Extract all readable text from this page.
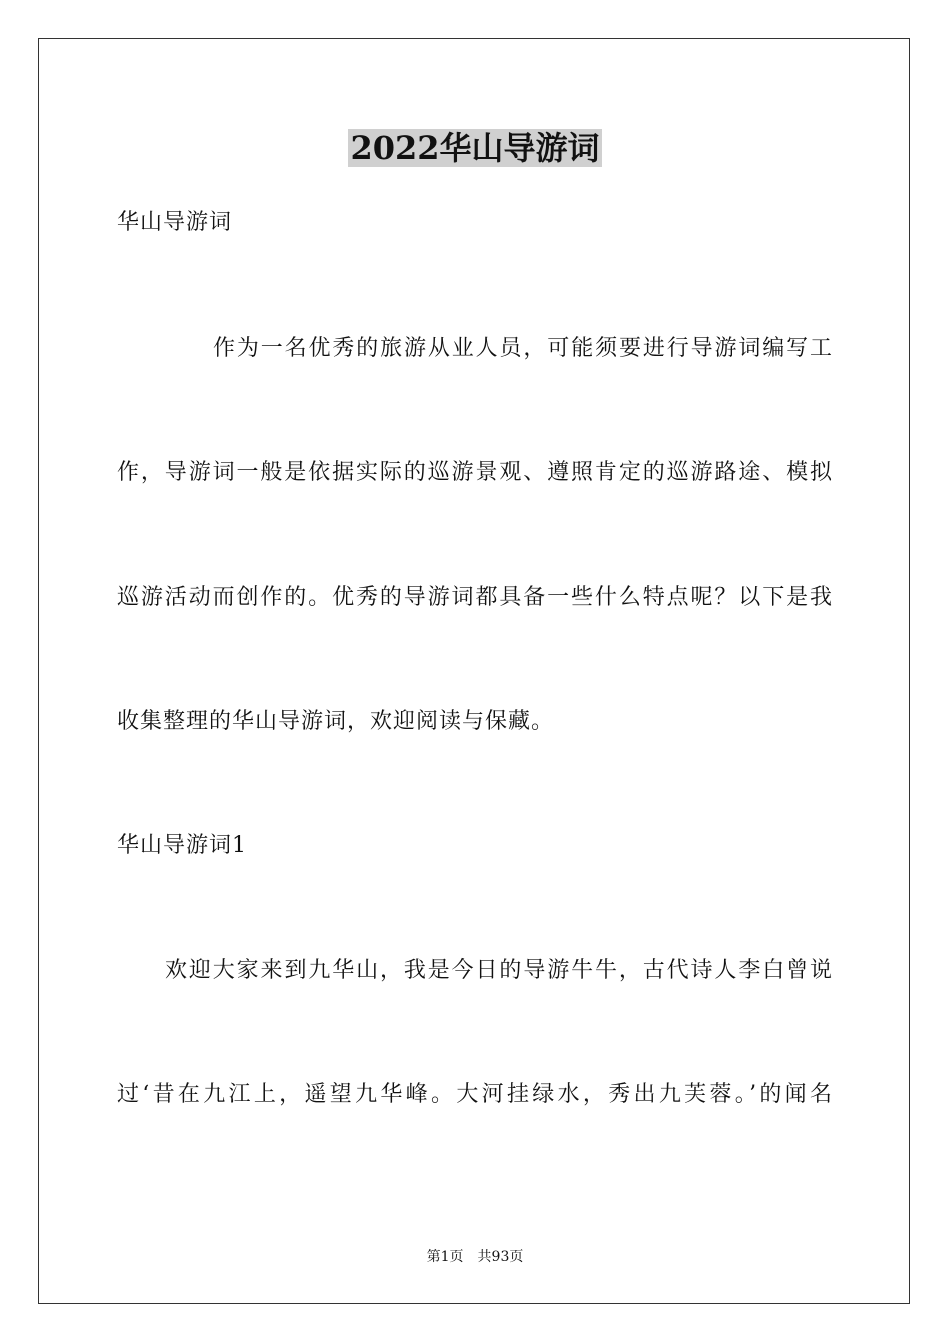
2022华山导游词
华山导游词
作为一名优秀的旅游从业人员，可能须要进行导游词编写工
作，导游词一般是依据实际的巡游景观、遵照肯定的巡游路途、模拟
巡游活动而创作的。优秀的导游词都具备一些什么特点呢？以下是我
收集整理的华山导游词，欢迎阅读与保藏。
华山导游词1
欢迎大家来到九华山，我是今日的导游牛牛，古代诗人李白曾说
过‘昔在九江上，遥望九华峰。大河挂绿水，秀出九芙蓉。’的闻名
第1页 共93页
